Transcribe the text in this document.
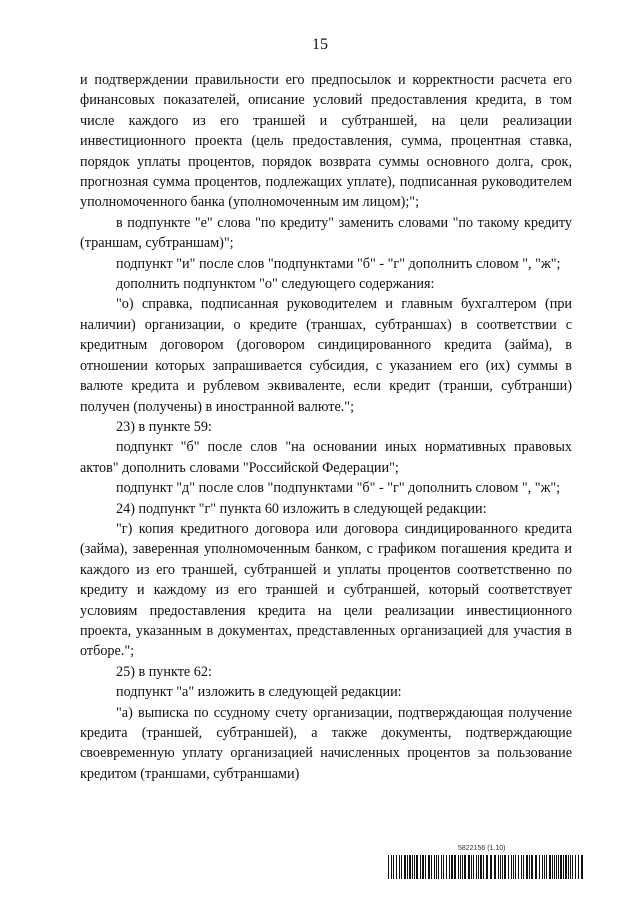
15

и подтверждении правильности его предпосылок и корректности расчета его финансовых показателей, описание условий предоставления кредита, в том числе каждого из его траншей и субтраншей, на цели реализации инвестиционного проекта (цель предоставления, сумма, процентная ставка, порядок уплаты процентов, порядок возврата суммы основного долга, срок, прогнозная сумма процентов, подлежащих уплате), подписанная руководителем уполномоченного банка (уполномоченным им лицом);";

в подпункте "е" слова "по кредиту" заменить словами "по такому кредиту (траншам, субтраншам)";

подпункт "и" после слов "подпунктами "б" - "г" дополнить словом ", "ж";

дополнить подпунктом "о" следующего содержания:

"о) справка, подписанная руководителем и главным бухгалтером (при наличии) организации, о кредите (траншах, субтраншах) в соответствии с кредитным договором (договором синдицированного кредита (займа), в отношении которых запрашивается субсидия, с указанием его (их) суммы в валюте кредита и рублевом эквиваленте, если кредит (транши, субтранши) получен (получены) в иностранной валюте.";

23) в пункте 59:

подпункт "б" после слов "на основании иных нормативных правовых актов" дополнить словами "Российской Федерации";

подпункт "д" после слов "подпунктами "б" - "г" дополнить словом ", "ж";

24) подпункт "г" пункта 60 изложить в следующей редакции:

"г) копия кредитного договора или договора синдицированного кредита (займа), заверенная уполномоченным банком, с графиком погашения кредита и каждого из его траншей, субтраншей и уплаты процентов соответственно по кредиту и каждому из его траншей и субтраншей, который соответствует условиям предоставления кредита на цели реализации инвестиционного проекта, указанным в документах, представленных организацией для участия в отборе.";

25) в пункте 62:

подпункт "а" изложить в следующей редакции:

"а) выписка по ссудному счету организации, подтверждающая получение кредита (траншей, субтраншей), а также документы, подтверждающие своевременную уплату организацией начисленных процентов за пользование кредитом (траншами, субтраншами)

5822156 (1.10)
